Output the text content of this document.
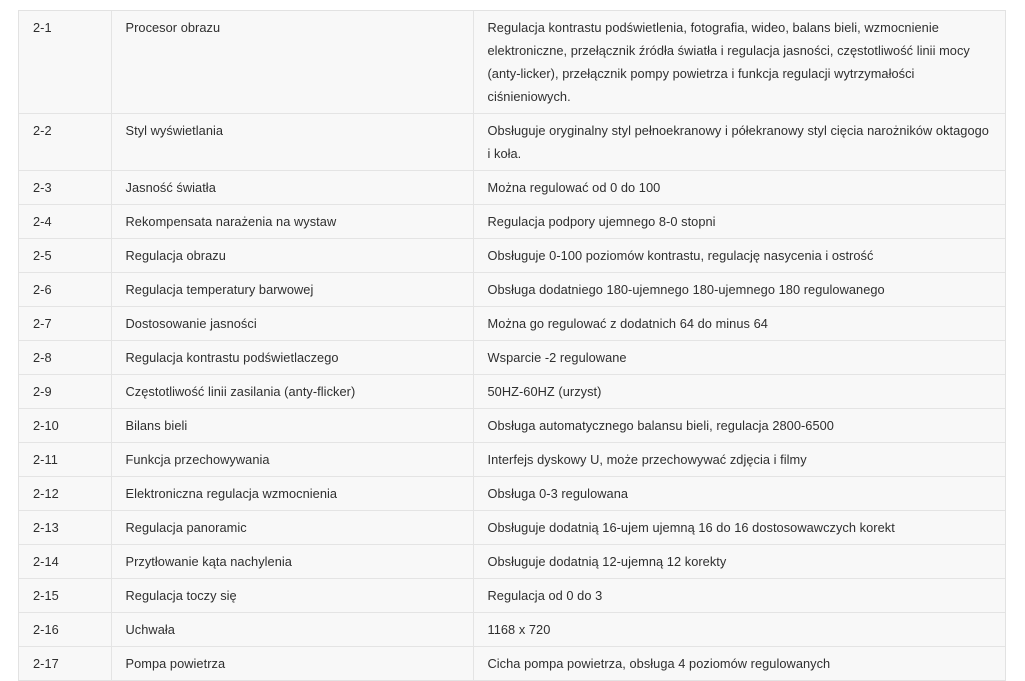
2-1	Procesor obrazu	Regulacja kontrastu podświetlenia, fotografia, wideo, balans bieli, wzmocnienie elektroniczne, przełącznik źródła światła i regulacja jasności, częstotliwość linii mocy (anty-licker), przełącznik pompy powietrza i funkcja regulacji wytrzymałości ciśnieniowych.
2-2	Styl wyświetlania	Obsługuje oryginalny styl pełnoekranowy i półekranowy styl cięcia narożników oktagogo i koła.
2-3	Jasność światła	Można regulować od 0 do 100
2-4	Rekompensata narażenia na wystaw	Regulacja podpory ujemnego 8-0 stopni
2-5	Regulacja obrazu	Obsługuje 0-100 poziomów kontrastu, regulację nasycenia i ostrość
2-6	Regulacja temperatury barwowej	Obsługa dodatniego 180-ujemnego 180-ujemnego 180 regulowanego
2-7	Dostosowanie jasności	Można go regulować z dodatnich 64 do minus 64
2-8	Regulacja kontrastu podświetlaczego	Wsparcie -2 regulowane
2-9	Częstotliwość linii zasilania (anty-flicker)	50HZ-60HZ (urzyst)
2-10	Bilans bieli	Obsługa automatycznego balansu bieli, regulacja 2800-6500
2-11	Funkcja przechowywania	Interfejs dyskowy U, może przechowywać zdjęcia i filmy
2-12	Elektroniczna regulacja wzmocnienia	Obsługa 0-3 regulowana
2-13	Regulacja panoramic	Obsługuje dodatnią 16-ujem ujemną 16 do 16 dostosowawczych korekt
2-14	Przytłowanie kąta nachylenia	Obsługuje dodatnią 12-ujemną 12 korekty
2-15	Regulacja toczy się	Regulacja od 0 do 3
2-16	Uchwała	1168 x 720
2-17	Pompa powietrza	Cicha pompa powietrza, obsługa 4 poziomów regulowanych
